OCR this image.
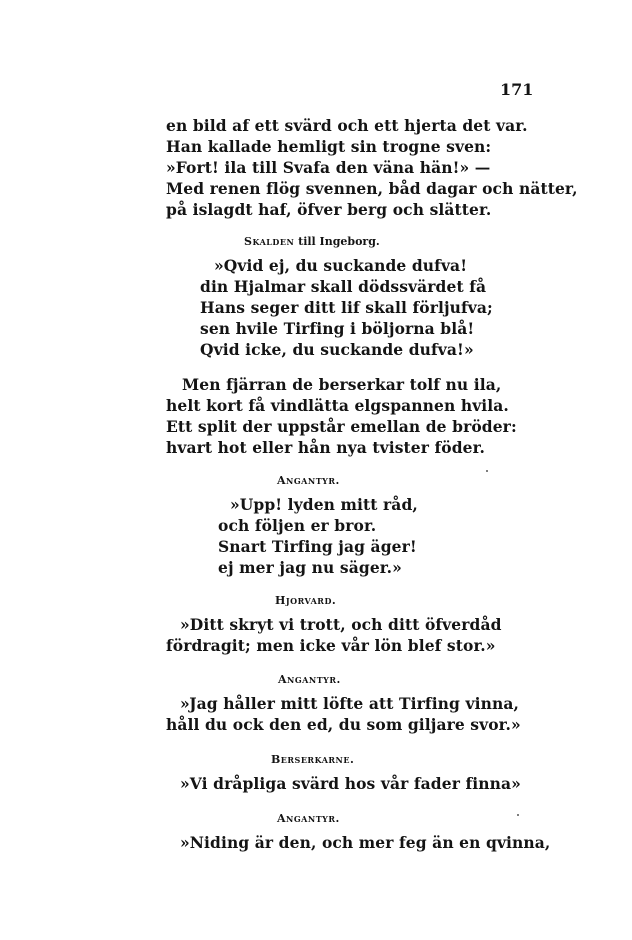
171
en bild af ett svärd och ett hjerta det var.
Han kallade hemligt sin trogne sven:
»Fort! ila till Svafa den väna hän!» —
Med renen flög svennen, båd dagar och nätter,
på islagdt haf, öfver berg och slätter.
Skalden till Ingeborg.
»Qvid ej, du suckande dufva!
din Hjalmar skall dödssvärdet få
Hans seger ditt lif skall förljufva;
sen hvile Tirfing i böljorna blå!
Qvid icke, du suckande dufva!»
Men fjärran de berserkar tolf nu ila,
helt kort få vindlätta elgspannen hvila.
Ett split der uppstår emellan de bröder:
hvart hot eller hån nya tvister föder.
Angantyr.
»Upp! lyden mitt råd,
och följen er bror.
Snart Tirfing jag äger!
ej mer jag nu säger.»
Hjorvard.
»Ditt skryt vi trott, och ditt öfverdåd
fördragit; men icke vår lön blef stor.»
Angantyr.
»Jag håller mitt löfte att Tirfing vinna,
håll du ock den ed, du som giljare svor.»
Berserkarne.
»Vi dråpliga svärd hos vår fader finna»
Angantyr.
»Niding är den, och mer feg än en qvinna,
